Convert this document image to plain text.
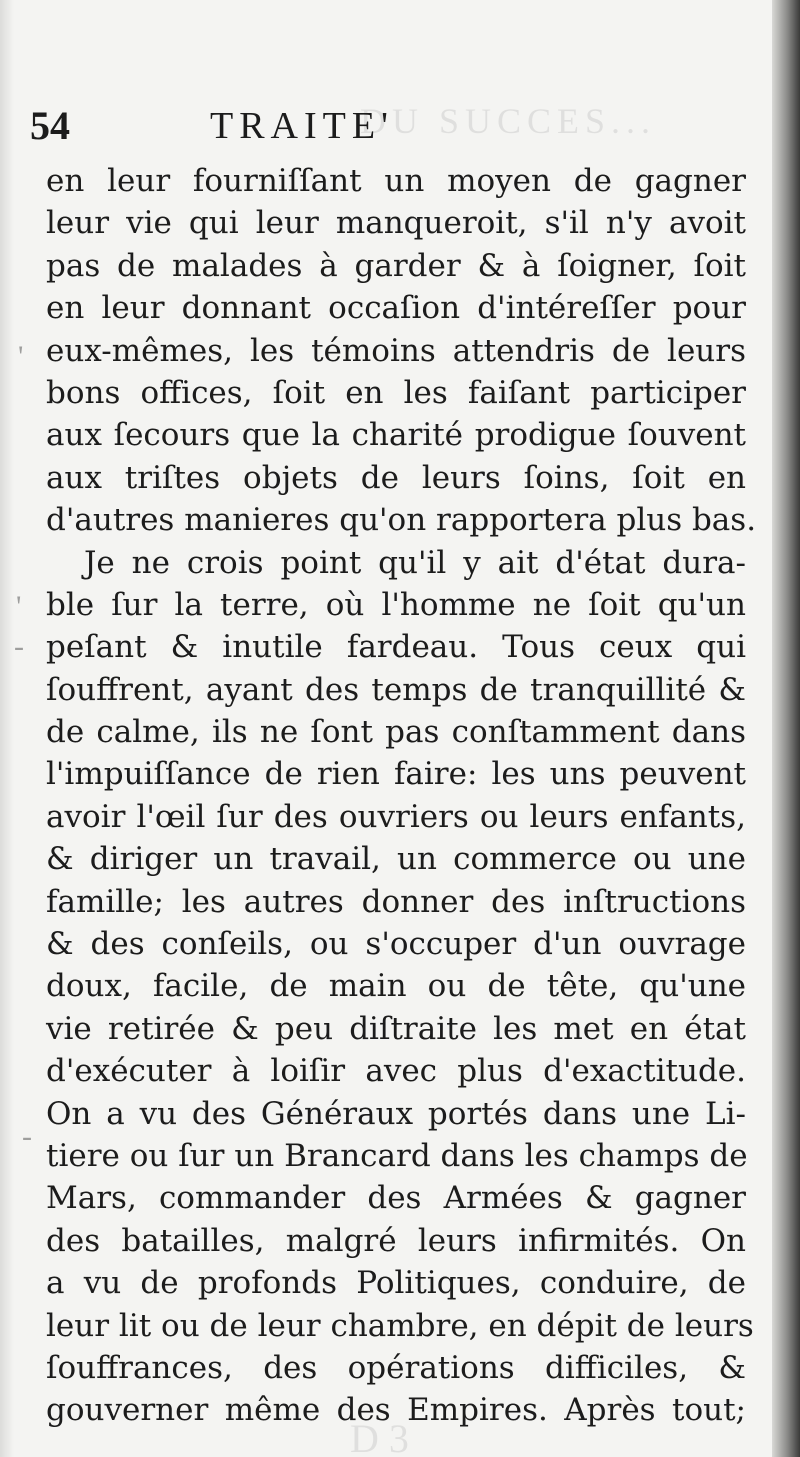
DU SUCCES...
D 3
54	TRAITE'
en leur fourniſſant un moyen de gagner
leur vie qui leur manqueroit, s'il n'y avoit
pas de malades à garder & à ſoigner, ſoit
en leur donnant occaſion d'intéreſſer pour
eux-mêmes, les témoins attendris de leurs
bons offices, ſoit en les faiſant participer
aux ſecours que la charité prodigue ſouvent
aux triſtes objets de leurs ſoins, ſoit en
d'autres manieres qu'on rapportera plus bas.
Je ne crois point qu'il y ait d'état dura-
ble ſur la terre, où l'homme ne ſoit qu'un
peſant & inutile fardeau. Tous ceux qui
ſouffrent, ayant des temps de tranquillité &
de calme, ils ne ſont pas conſtamment dans
l'impuiſſance de rien faire: les uns peuvent
avoir l'œil ſur des ouvriers ou leurs enfants,
& diriger un travail, un commerce ou une
famille; les autres donner des inſtructions
& des conſeils, ou s'occuper d'un ouvrage
doux, facile, de main ou de tête, qu'une
vie retirée & peu diſtraite les met en état
d'exécuter à loiſir avec plus d'exactitude.
On a vu des Généraux portés dans une Li-
tiere ou ſur un Brancard dans les champs de
Mars, commander des Armées & gagner
des batailles, malgré leurs infirmités. On
a vu de profonds Politiques, conduire, de
leur lit ou de leur chambre, en dépit de leurs
ſouffrances, des opérations difficiles, &
gouverner même des Empires. Après tout;
'
'
-
-
